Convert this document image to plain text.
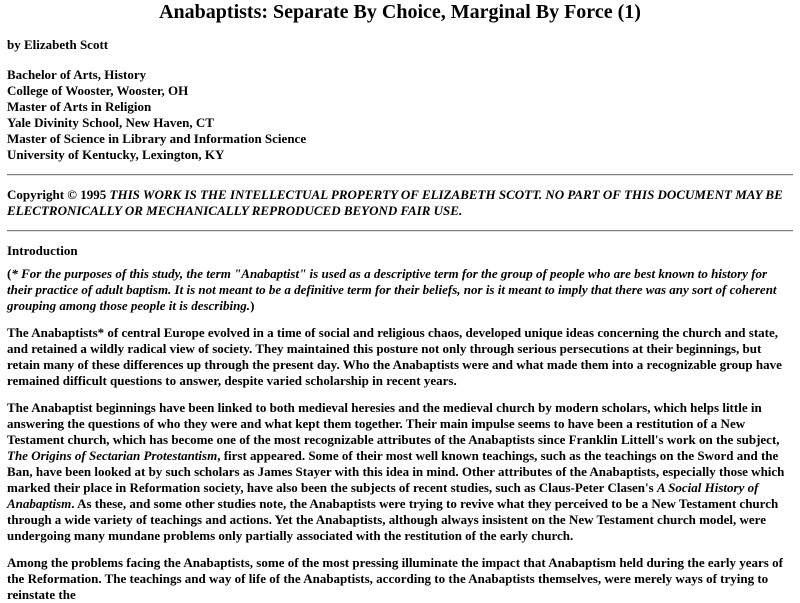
Anabaptists: Separate By Choice, Marginal By Force (1)

by Elizabeth Scott

Bachelor of Arts, History
College of Wooster, Wooster, OH
Master of Arts in Religion
Yale Divinity School, New Haven, CT
Master of Science in Library and Information Science
University of Kentucky, Lexington, KY

Copyright © 1995 THIS WORK IS THE INTELLECTUAL PROPERTY OF ELIZABETH SCOTT. NO PART OF THIS DOCUMENT MAY BE ELECTRONICALLY OR MECHANICALLY REPRODUCED BEYOND FAIR USE.

Introduction

(* For the purposes of this study, the term "Anabaptist" is used as a descriptive term for the group of people who are best known to history for their practice of adult baptism. It is not meant to be a definitive term for their beliefs, nor is it meant to imply that there was any sort of coherent grouping among those people it is describing.)

The Anabaptists* of central Europe evolved in a time of social and religious chaos, developed unique ideas concerning the church and state, and retained a wildly radical view of society. They maintained this posture not only through serious persecutions at their beginnings, but retain many of these differences up through the present day. Who the Anabaptists were and what made them into a recognizable group have remained difficult questions to answer, despite varied scholarship in recent years.

The Anabaptist beginnings have been linked to both medieval heresies and the medieval church by modern scholars, which helps little in answering the questions of who they were and what kept them together. Their main impulse seems to have been a restitution of a New Testament church, which has become one of the most recognizable attributes of the Anabaptists since Franklin Littell's work on the subject, The Origins of Sectarian Protestantism, first appeared. Some of their most well known teachings, such as the teachings on the Sword and the Ban, have been looked at by such scholars as James Stayer with this idea in mind. Other attributes of the Anabaptists, especially those which marked their place in Reformation society, have also been the subjects of recent studies, such as Claus-Peter Clasen's A Social History of Anabaptism. As these, and some other studies note, the Anabaptists were trying to revive what they perceived to be a New Testament church through a wide variety of teachings and actions. Yet the Anabaptists, although always insistent on the New Testament church model, were undergoing many mundane problems only partially associated with the restitution of the early church.

Among the problems facing the Anabaptists, some of the most pressing illuminate the impact that Anabaptism held during the early years of the Reformation. The teachings and way of life of the Anabaptists, according to the Anabaptists themselves, were merely ways of trying to reinstate the
